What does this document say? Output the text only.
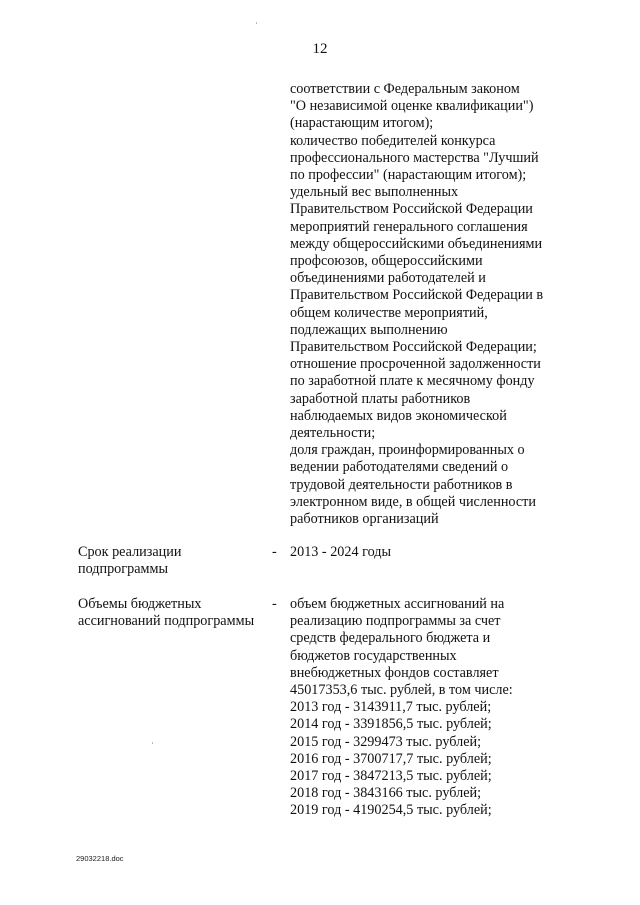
12
соответствии с Федеральным законом
"О независимой оценке квалификации")
(нарастающим итогом);
количество победителей конкурса
профессионального мастерства "Лучший
по профессии" (нарастающим итогом);
удельный вес выполненных
Правительством Российской Федерации
мероприятий генерального соглашения
между общероссийскими объединениями
профсоюзов, общероссийскими
объединениями работодателей и
Правительством Российской Федерации в
общем количестве мероприятий,
подлежащих выполнению
Правительством Российской Федерации;
отношение просроченной задолженности
по заработной плате к месячному фонду
заработной платы работников
наблюдаемых видов экономической
деятельности;
доля граждан, проинформированных о
ведении работодателями сведений о
трудовой деятельности работников в
электронном виде, в общей численности
работников организаций
Срок реализации
подпрограммы
- 2013 - 2024 годы
Объемы бюджетных
ассигнований подпрограммы
- объем бюджетных ассигнований на
реализацию подпрограммы за счет
средств федерального бюджета и
бюджетов государственных
внебюджетных фондов составляет
45017353,6 тыс. рублей, в том числе:
2013 год - 3143911,7 тыс. рублей;
2014 год - 3391856,5 тыс. рублей;
2015 год - 3299473 тыс. рублей;
2016 год - 3700717,7 тыс. рублей;
2017 год - 3847213,5 тыс. рублей;
2018 год - 3843166 тыс. рублей;
2019 год - 4190254,5 тыс. рублей;
29032218.doc
